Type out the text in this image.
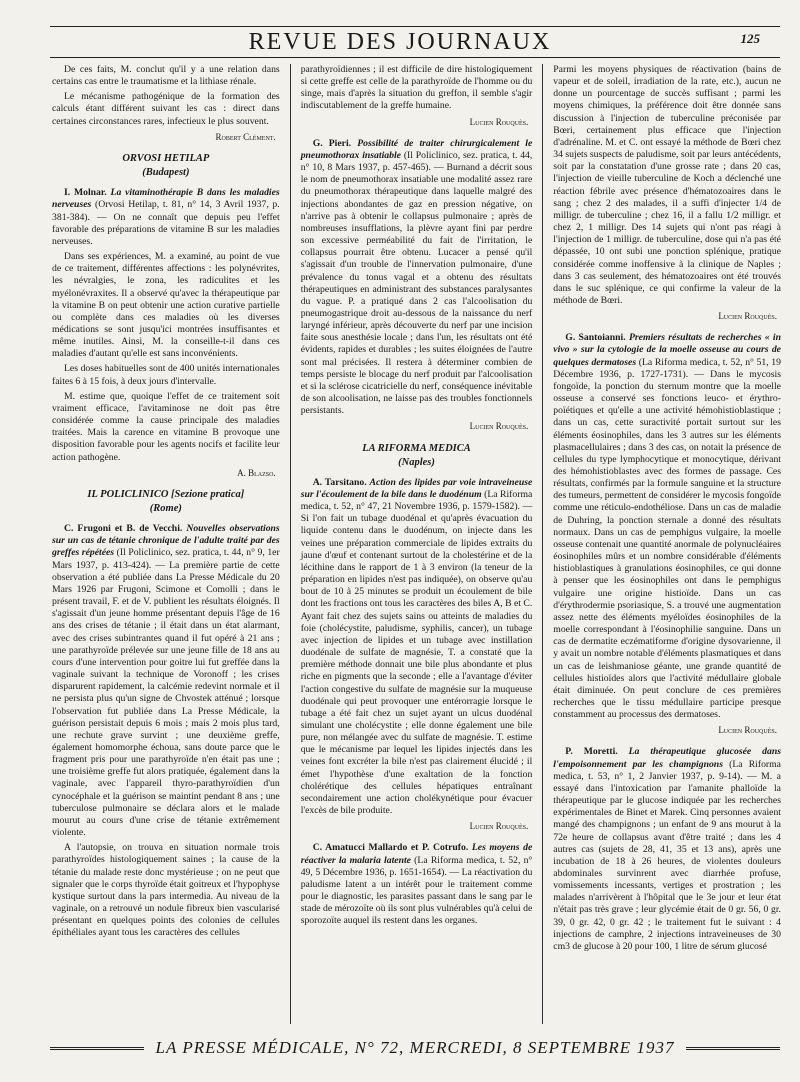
REVUE DES JOURNAUX	125

De ces faits, M. conclut qu'il y a une relation dans certains cas entre le traumatisme et la lithiase rénale.

Le mécanisme pathogénique de la formation des calculs étant différent suivant les cas : direct dans certaines circonstances rares, infectieux le plus souvent.

Robert Clément.
ORVOSI HETILAP
(Budapest)

I. Molnar. La vitaminothérapie B dans les maladies nerveuses (Orvosi Hetilap, t. 81, n° 14, 3 Avril 1937, p. 381-384). — On ne connaît que depuis peu l'effet favorable des préparations de vitamine B sur les maladies nerveuses.

Dans ses expériences, M. a examiné, au point de vue de ce traitement, différentes affections : les polynévrites, les névralgies, le zona, les radiculites et les myélonévraxites. Il a observé qu'avec la thérapeutique par la vitamine B on peut obtenir une action curative partielle ou complète dans ces maladies où les diverses médications se sont jusqu'ici montrées insuffisantes et même inutiles. Ainsi, M. la conseille-t-il dans ces maladies d'autant qu'elle est sans inconvénients.

Les doses habituelles sont de 400 unités internationales faites 6 à 15 fois, à deux jours d'intervalle.

M. estime que, quoique l'effet de ce traitement soit vraiment efficace, l'avitaminose ne doit pas être considérée comme la cause principale des maladies traitées. Mais la carence en vitamine B provoque une disposition favorable pour les agents nocifs et facilite leur action pathogène.

A. Blazso.
IL POLICLINICO [Sezione pratica]
(Rome)

C. Frugoni et B. de Vecchi. Nouvelles observations sur un cas de tétanie chronique de l'adulte traité par des greffes répétées (Il Policlinico, sez. pratica, t. 44, n° 9, 1er Mars 1937, p. 413-424). — La première partie de cette observation a été publiée dans La Presse Médicale du 20 Mars 1926 par Frugoni, Scimone et Comolli ; dans le présent travail, F. et de V. publient les résultats éloignés. Il s'agissait d'un jeune homme présentant depuis l'âge de 16 ans des crises de tétanie ; il était dans un état alarmant, avec des crises subintrantes quand il fut opéré à 21 ans ; une parathyroïde prélevée sur une jeune fille de 18 ans au cours d'une intervention pour goitre lui fut greffée dans la vaginale suivant la technique de Voronoff ; les crises disparurent rapidement, la calcémie redevint normale et il ne persista plus qu'un signe de Chvostek atténué ; lorsque l'observation fut publiée dans La Presse Médicale, la guérison persistait depuis 6 mois ; mais 2 mois plus tard, une rechute grave survint ; une deuxième greffe, également homomorphe échoua, sans doute parce que le fragment pris pour une parathyroïde n'en était pas une ; une troisième greffe fut alors pratiquée, également dans la vaginale, avec l'appareil thyro-parathyroïdien d'un cynocéphale et la guérison se maintint pendant 8 ans ; une tuberculose pulmonaire se déclara alors et le malade mourut au cours d'une crise de tétanie extrêmement violente.

A l'autopsie, on trouva en situation normale trois parathyroïdes histologiquement saines ; la cause de la tétanie du malade reste donc mystérieuse ; on ne peut que signaler que le corps thyroïde était goitreux et l'hypophyse kystique surtout dans la pars intermedia. Au niveau de la vaginale, on a retrouvé un nodule fibreux bien vascularisé présentant en quelques points des colonies de cellules épithéliales ayant tous les caractères des cellules

parathyroïdiennes ; il est difficile de dire histologiquement si cette greffe est celle de la parathyroïde de l'homme ou du singe, mais d'après la situation du greffon, il semble s'agir indiscutablement de la greffe humaine.

Lucien Rouquès.

G. Pieri. Possibilité de traiter chirurgicalement le pneumothorax insatiable (Il Policlinico, sez. pratica, t. 44, n° 10, 8 Mars 1937, p. 457-465). — Burnand a décrit sous le nom de pneumothorax insatiable une modalité assez rare du pneumothorax thérapeutique dans laquelle malgré des injections abondantes de gaz en pression négative, on n'arrive pas à obtenir le collapsus pulmonaire ; après de nombreuses insufflations, la plèvre ayant fini par perdre son excessive perméabilité du fait de l'irritation, le collapsus pourrait être obtenu. Lucacer a pensé qu'il s'agissait d'un trouble de l'innervation pulmonaire, d'une prévalence du tonus vagal et a obtenu des résultats thérapeutiques en administrant des substances paralysantes du vague. P. a pratiqué dans 2 cas l'alcoolisation du pneumogastrique droit au-dessous de la naissance du nerf laryngé inférieur, après découverte du nerf par une incision faite sous anesthésie locale ; dans l'un, les résultats ont été évidents, rapides et durables ; les suites éloignées de l'autre sont mal précisées. Il restera à déterminer combien de temps persiste le blocage du nerf produit par l'alcoolisation et si la sclérose cicatricielle du nerf, conséquence inévitable de son alcoolisation, ne laisse pas des troubles fonctionnels persistants.

Lucien Rouquès.
LA RIFORMA MEDICA
(Naples)

A. Tarsitano. Action des lipides par voie intraveineuse sur l'écoulement de la bile dans le duodénum (La Riforma medica, t. 52, n° 47, 21 Novembre 1936, p. 1579-1582). — Si l'on fait un tubage duodénal et qu'après évacuation du liquide contenu dans le duodénum, on injecte dans les veines une préparation commerciale de lipides extraits du jaune d'œuf et contenant surtout de la cholestérine et de la lécithine dans le rapport de 1 à 3 environ (la teneur de la préparation en lipides n'est pas indiquée), on observe qu'au bout de 10 à 25 minutes se produit un écoulement de bile dont les fractions ont tous les caractères des biles A, B et C. Ayant fait chez des sujets sains ou atteints de maladies du foie (cholécystite, paludisme, syphilis, cancer), un tubage avec injection de lipides et un tubage avec instillation duodénale de sulfate de magnésie, T. a constaté que la première méthode donnait une bile plus abondante et plus riche en pigments que la seconde ; elle a l'avantage d'éviter l'action congestive du sulfate de magnésie sur la muqueuse duodénale qui peut provoquer une entérorragie lorsque le tubage a été fait chez un sujet ayant un ulcus duodénal simulant une cholécystite ; elle donne également une bile pure, non mélangée avec du sulfate de magnésie. T. estime que le mécanisme par lequel les lipides injectés dans les veines font excréter la bile n'est pas clairement élucidé ; il émet l'hypothèse d'une exaltation de la fonction cholérétique des cellules hépatiques entraînant secondairement une action cholékynétique pour évacuer l'excès de bile produite.

Lucien Rouquès.

C. Amatucci Mallardo et P. Cotrufo. Les moyens de réactiver la malaria latente (La Riforma medica, t. 52, n° 49, 5 Décembre 1936, p. 1651-1654). — La réactivation du paludisme latent a un intérêt pour le traitement comme pour le diagnostic, les parasites passant dans le sang par le stade de mérozoïte où ils sont plus vulnérables qu'à celui de sporozoïte auquel ils restent dans les organes.

Parmi les moyens physiques de réactivation (bains de vapeur et de soleil, irradiation de la rate, etc.), aucun ne donne un pourcentage de succès suffisant ; parmi les moyens chimiques, la préférence doit être donnée sans discussion à l'injection de tuberculine préconisée par Bœri, certainement plus efficace que l'injection d'adrénaline. M. et C. ont essayé la méthode de Bœri chez 34 sujets suspects de paludisme, soit par leurs antécédents, soit par la constatation d'une grosse rate ; dans 20 cas, l'injection de vieille tuberculine de Koch a déclenché une réaction fébrile avec présence d'hématozoaires dans le sang ; chez 2 des malades, il a suffi d'injecter 1/4 de milligr. de tuberculine ; chez 16, il a fallu 1/2 milligr. et chez 2, 1 milligr. Des 14 sujets qui n'ont pas réagi à l'injection de 1 milligr. de tuberculine, dose qui n'a pas été dépassée, 10 ont subi une ponction splénique, pratique considérée comme inoffensive à la clinique de Naples ; dans 3 cas seulement, des hématozoaires ont été trouvés dans le suc splénique, ce qui confirme la valeur de la méthode de Bœri.

Lucien Rouquès.

G. Santoianni. Premiers résultats de recherches « in vivo » sur la cytologie de la moelle osseuse au cours de quelques dermatoses (La Riforma medica, t. 52, n° 51, 19 Décembre 1936, p. 1727-1731). — Dans le mycosis fongoïde, la ponction du sternum montre que la moelle osseuse a conservé ses fonctions leuco- et érythro-poïétiques et qu'elle a une activité hémohistioblastique ; dans un cas, cette suractivité portait surtout sur les éléments éosinophiles, dans les 3 autres sur les éléments plasmacellulaires ; dans 3 des cas, on notait la présence de cellules du type lymphocytique et monocytique, dérivant des hémohistioblastes avec des formes de passage. Ces résultats, confirmés par la formule sanguine et la structure des tumeurs, permettent de considérer le mycosis fongoïde comme une réticulo-endothéliose. Dans un cas de maladie de Duhring, la ponction sternale a donné des résultats normaux. Dans un cas de pemphigus vulgaire, la moelle osseuse contenait une quantité anormale de polynucléaires éosinophiles mûrs et un nombre considérable d'éléments histioblastiques à granulations éosinophiles, ce qui donne à penser que les éosinophiles ont dans le pemphigus vulgaire une origine histioïde. Dans un cas d'érythrodermie psoriasique, S. a trouvé une augmentation assez nette des éléments myéloïdes éosinophiles de la moelle correspondant à l'éosinophilie sanguine. Dans un cas de dermatite eczématiforme d'origine dysovarienne, il y avait un nombre notable d'éléments plasmatiques et dans un cas de leishmaniose géante, une grande quantité de cellules histioïdes alors que l'activité médullaire globale était diminuée. On peut conclure de ces premières recherches que le tissu médullaire participe presque constamment au processus des dermatoses.

Lucien Rouquès.

P. Moretti. La thérapeutique glucosée dans l'empoisonnement par les champignons (La Riforma medica, t. 53, n° 1, 2 Janvier 1937, p. 9-14). — M. a essayé dans l'intoxication par l'amanite phalloïde la thérapeutique par le glucose indiquée par les recherches expérimentales de Binet et Marek. Cinq personnes avaient mangé des champignons ; un enfant de 9 ans mourut à la 72e heure de collapsus avant d'être traité ; dans les 4 autres cas (sujets de 28, 41, 35 et 13 ans), après une incubation de 18 à 26 heures, de violentes douleurs abdominales survinrent avec diarrhée profuse, vomissements incessants, vertiges et prostration ; les malades n'arrivèrent à l'hôpital que le 3e jour et leur état n'était pas très grave ; leur glycémie était de 0 gr. 56, 0 gr. 39, 0 gr. 42, 0 gr. 42 ; le traitement fut le suivant : 4 injections de camphre, 2 injections intraveineuses de 30 cm3 de glucose à 20 pour 100, 1 litre de sérum glucosé

LA PRESSE MÉDICALE, N° 72, MERCREDI, 8 SEPTEMBRE 1937
